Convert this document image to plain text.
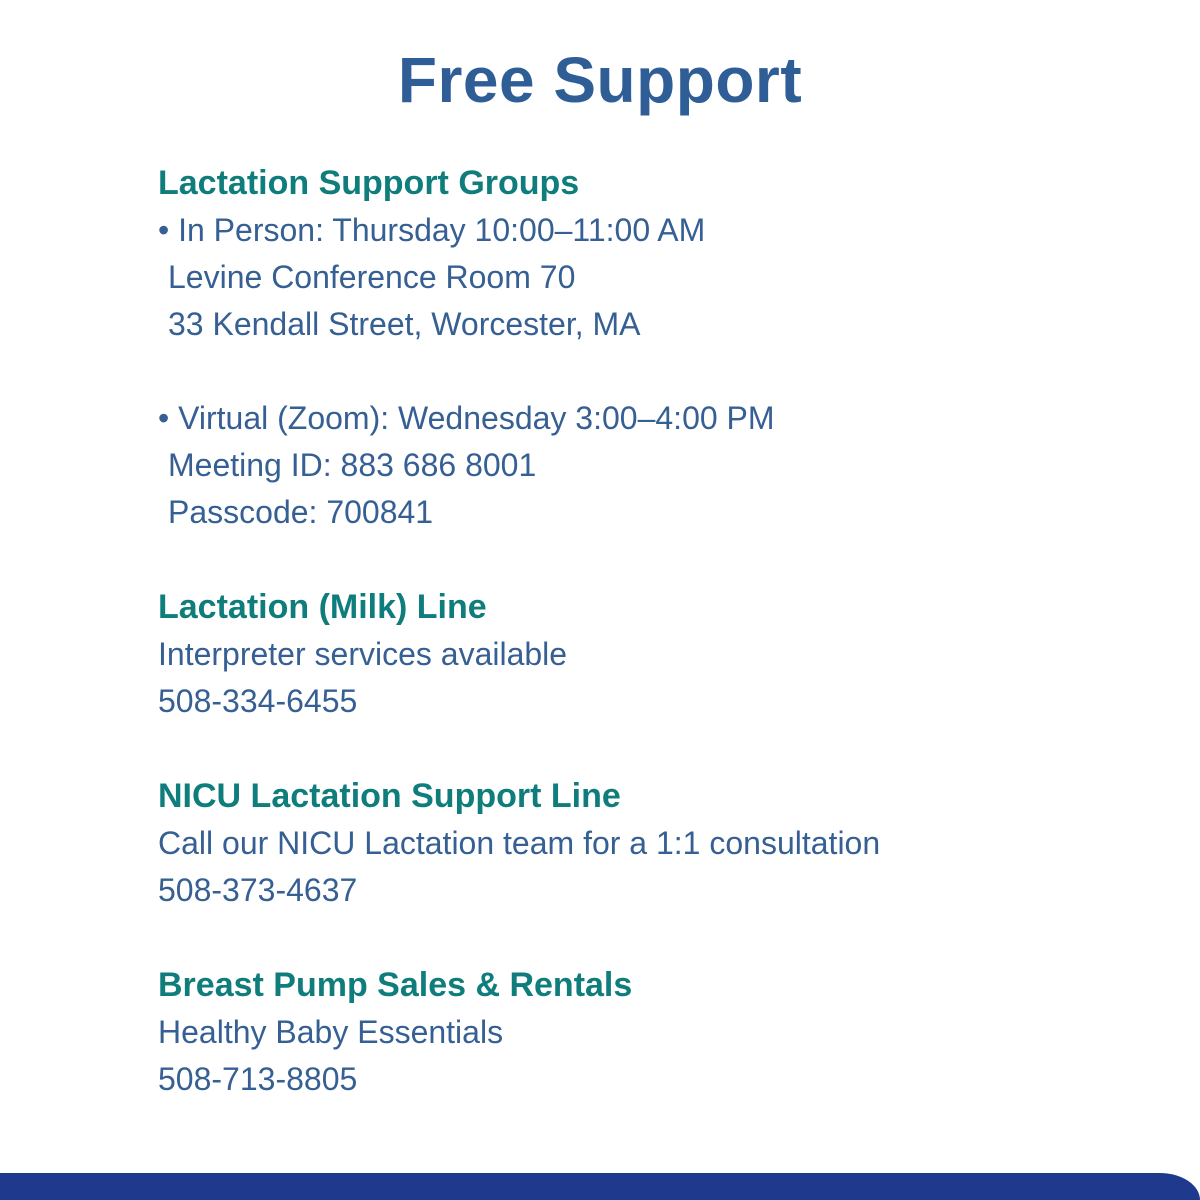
Free Support

Lactation Support Groups

• In Person: Thursday 10:00–11:00 AM

Levine Conference Room 70

33 Kendall Street, Worcester, MA

• Virtual (Zoom): Wednesday 3:00–4:00 PM

Meeting ID: 883 686 8001

Passcode: 700841

Lactation (Milk) Line

Interpreter services available

508-334-6455

NICU Lactation Support Line

Call our NICU Lactation team for a 1:1 consultation

508-373-4637

Breast Pump Sales & Rentals

Healthy Baby Essentials

508-713-8805
